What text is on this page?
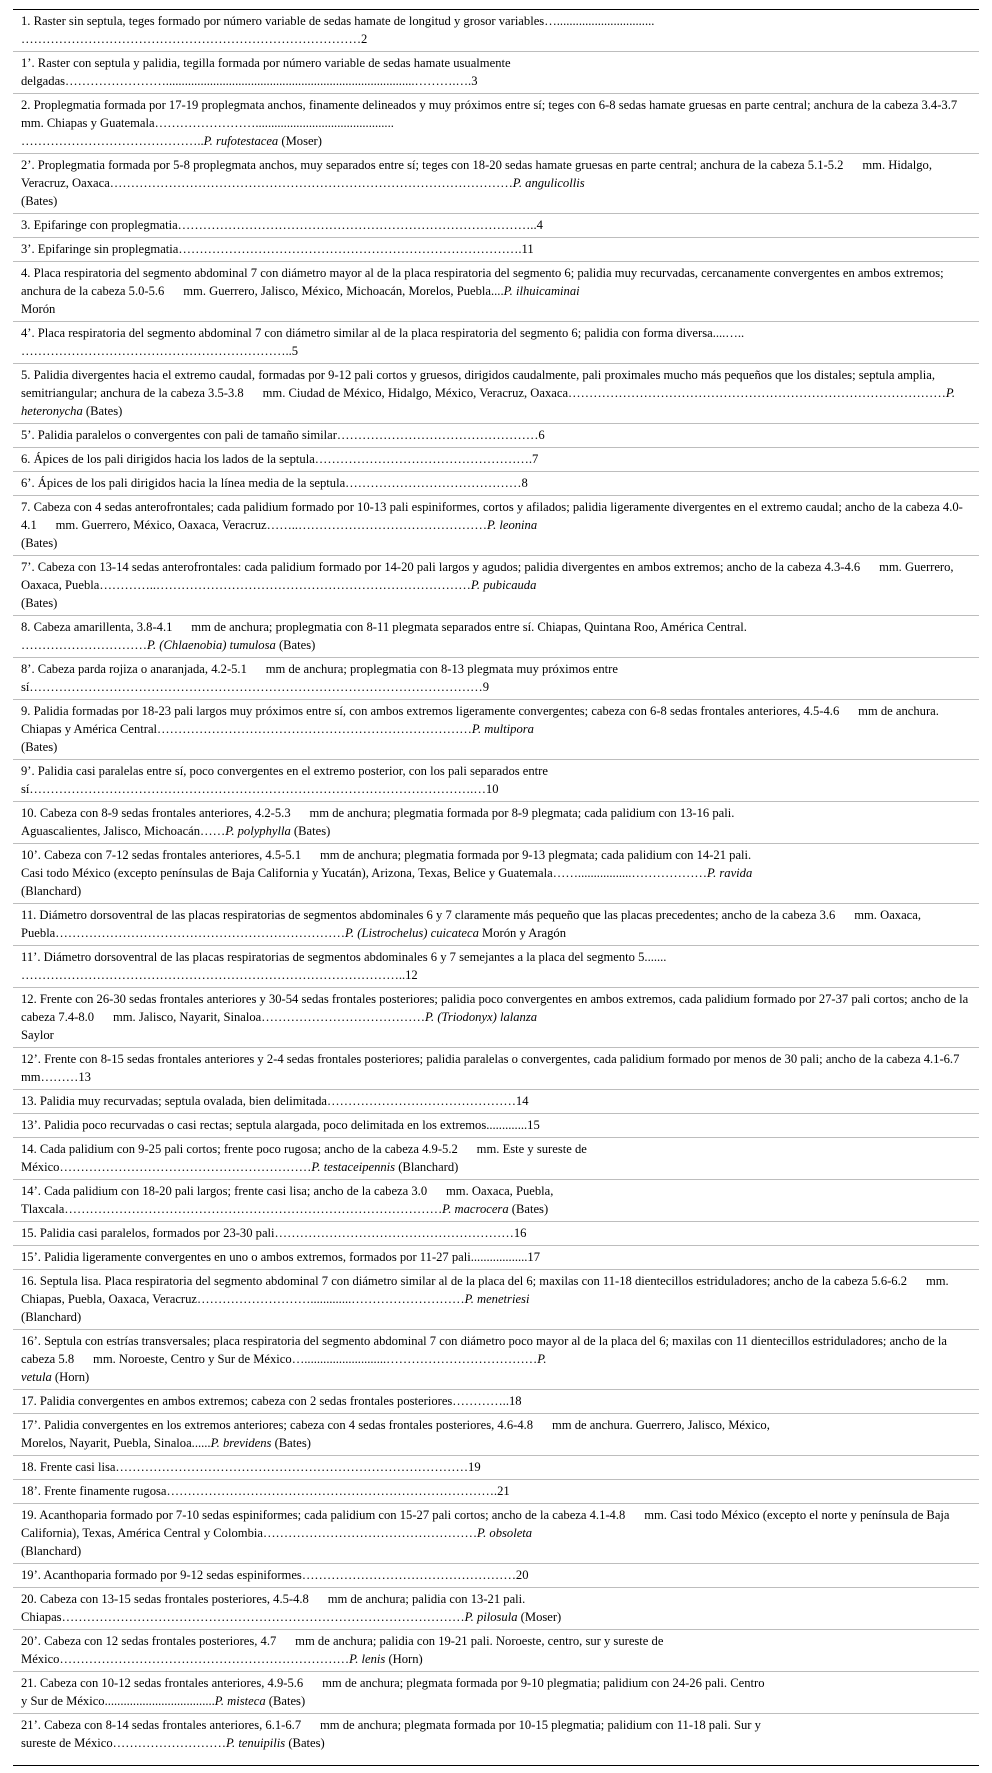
1. Raster sin septula, teges formado por número variable de sedas hamate de longitud y grosor variables…...............................
………………………………………………………………………2
1’. Raster con septula y palidia, tegilla formada por número variable de sedas hamate usualmente
delgadas……………………...............................................................................……….….3
2. Proplegmatia formada por 17-19 proplegmata anchos, finamente delineados y muy próximos entre sí; teges con 6-8 sedas hamate gruesas en parte central; anchura de la cabeza 3.4-3.7      mm. Chiapas y Guatemala……………………............................................
……………………………………..P. rufotestacea (Moser)
2’. Proplegmatia formada por 5-8 proplegmata anchos, muy separados entre sí; teges con 18-20 sedas hamate gruesas en parte central; anchura de la cabeza 5.1-5.2      mm. Hidalgo, Veracruz, Oaxaca……………………………………………………………………………………P. angulicollis
(Bates)
3. Epifaringe con proplegmatia…………………………………………………………………………..4
3’. Epifaringe sin proplegmatia……………………………………………………………………….11
4. Placa respiratoria del segmento abdominal 7 con diámetro mayor al de la placa respiratoria del segmento 6; palidia muy recurvadas, cercanamente convergentes en ambos extremos; anchura de la cabeza 5.0-5.6      mm. Guerrero, Jalisco, México, Michoacán, Morelos, Puebla....P. ilhuicaminai
Morón
4’. Placa respiratoria del segmento abdominal 7 con diámetro similar al de la placa respiratoria del segmento 6; palidia con forma diversa....…..
………………………………………………………..5
5. Palidia divergentes hacia el extremo caudal, formadas por 9-12 pali cortos y gruesos, dirigidos caudalmente, pali proximales mucho más pequeños que los distales; septula amplia, semitriangular; anchura de la cabeza 3.5-3.8      mm. Ciudad de México, Hidalgo, México, Veracruz, Oaxaca………………………………………………………………………………P. heteronycha (Bates)
5’. Palidia paralelos o convergentes con pali de tamaño similar…………………………………………6
6. Ápices de los pali dirigidos hacia los lados de la septula…………………………………………….7
6’. Ápices de los pali dirigidos hacia la línea media de la septula……………………………………8
7. Cabeza con 4 sedas anterofrontales; cada palidium formado por 10-13 pali espiniformes, cortos y afilados; palidia ligeramente divergentes en el extremo caudal; ancho de la cabeza 4.0-4.1      mm. Guerrero, México, Oaxaca, Veracruz……..………………………………………P. leonina
(Bates)
7’. Cabeza con 13-14 sedas anterofrontales: cada palidium formado por 14-20 pali largos y agudos; palidia divergentes en ambos extremos; ancho de la cabeza 4.3-4.6      mm. Guerrero, Oaxaca, Puebla…………..…………………………………………………………………P. pubicauda
(Bates)
8. Cabeza amarillenta, 3.8-4.1      mm de anchura; proplegmatia con 8-11 plegmata separados entre sí. Chiapas, Quintana Roo, América Central.
…………………………P. (Chlaenobia) tumulosa (Bates)
8’. Cabeza parda rojiza o anaranjada, 4.2-5.1      mm de anchura; proplegmatia con 8-13 plegmata muy próximos entre
sí………………………………………………………………………………………………9
9. Palidia formadas por 18-23 pali largos muy próximos entre sí, con ambos extremos ligeramente convergentes; cabeza con 6-8 sedas frontales anteriores, 4.5-4.6      mm de anchura. Chiapas y América Central…………………………………………………………………P. multipora
(Bates)
9’. Palidia casi paralelas entre sí, poco convergentes en el extremo posterior, con los pali separados entre
sí…………………………………………………………………………………………….…10
10. Cabeza con 8-9 sedas frontales anteriores, 4.2-5.3      mm de anchura; plegmatia formada por 8-9 plegmata; cada palidium con 13-16 pali.
Aguascalientes, Jalisco, Michoacán……P. polyphylla (Bates)
10’. Cabeza con 7-12 sedas frontales anteriores, 4.5-5.1      mm de anchura; plegmatia formada por 9-13 plegmata; cada palidium con 14-21 pali.
Casi todo México (excepto penínsulas de Baja California y Yucatán), Arizona, Texas, Belice y Guatemala…….................………………P. ravida
(Blanchard)
11. Diámetro dorsoventral de las placas respiratorias de segmentos abdominales 6 y 7 claramente más pequeño que las placas precedentes; ancho de la cabeza 3.6      mm. Oaxaca, Puebla……………………………………………………………P. (Listrochelus) cuicateca Morón y Aragón
11’. Diámetro dorsoventral de las placas respiratorias de segmentos abdominales 6 y 7 semejantes a la placa del segmento 5.......
………………………………………………………………………………..12
12. Frente con 26-30 sedas frontales anteriores y 30-54 sedas frontales posteriores; palidia poco convergentes en ambos extremos, cada palidium formado por 27-37 pali cortos; ancho de la cabeza 7.4-8.0      mm. Jalisco, Nayarit, Sinaloa…………………………………P. (Triodonyx) lalanza
Saylor
12’. Frente con 8-15 sedas frontales anteriores y 2-4 sedas frontales posteriores; palidia paralelas o convergentes, cada palidium formado por menos de 30 pali; ancho de la cabeza 4.1-6.7 mm………13
13. Palidia muy recurvadas; septula ovalada, bien delimitada………………………………………14
13’. Palidia poco recurvadas o casi rectas; septula alargada, poco delimitada en los extremos.............15
14. Cada palidium con 9-25 pali cortos; frente poco rugosa; ancho de la cabeza 4.9-5.2      mm. Este y sureste de
México……………………………………………………P. testaceipennis (Blanchard)
14’. Cada palidium con 18-20 pali largos; frente casi lisa; ancho de la cabeza 3.0      mm. Oaxaca, Puebla,
Tlaxcala………………………………………………………………………………P. macrocera (Bates)
15. Palidia casi paralelos, formados por 23-30 pali…………………………………………………16
15’. Palidia ligeramente convergentes en uno o ambos extremos, formados por 11-27 pali..................17
16. Septula lisa. Placa respiratoria del segmento abdominal 7 con diámetro similar al de la placa del 6; maxilas con 11-18 dientecillos estriduladores; ancho de la cabeza 5.6-6.2      mm. Chiapas, Puebla, Oaxaca, Veracruz……………………….............………………………P. menetriesi
(Blanchard)
16’. Septula con estrías transversales; placa respiratoria del segmento abdominal 7 con diámetro poco mayor al de la placa del 6; maxilas con 11 dientecillos estriduladores; ancho de la cabeza 5.8      mm. Noroeste, Centro y Sur de México…..........................………………………………P.
vetula (Horn)
17. Palidia convergentes en ambos extremos; cabeza con 2 sedas frontales posteriores…………..18
17’. Palidia convergentes en los extremos anteriores; cabeza con 4 sedas frontales posteriores, 4.6-4.8      mm de anchura. Guerrero, Jalisco, México,
Morelos, Nayarit, Puebla, Sinaloa......P. brevidens (Bates)
18. Frente casi lisa…………………………………………………………………………19
18’. Frente finamente rugosa…………………………………………………………………….21
19. Acanthoparia formado por 7-10 sedas espiniformes; cada palidium con 15-27 pali cortos; ancho de la cabeza 4.1-4.8      mm. Casi todo México (excepto el norte y península de Baja California), Texas, América Central y Colombia……………………………………………P. obsoleta
(Blanchard)
19’. Acanthoparia formado por 9-12 sedas espiniformes……………………………………………20
20. Cabeza con 13-15 sedas frontales posteriores, 4.5-4.8      mm de anchura; palidia con 13-21 pali.
Chiapas……………………………………………………………………………………P. pilosula (Moser)
20’. Cabeza con 12 sedas frontales posteriores, 4.7      mm de anchura; palidia con 19-21 pali. Noroeste, centro, sur y sureste de
México……………………………………………………………P. lenis (Horn)
21. Cabeza con 10-12 sedas frontales anteriores, 4.9-5.6      mm de anchura; plegmata formada por 9-10 plegmatia; palidium con 24-26 pali. Centro
y Sur de México...................................P. misteca (Bates)
21’. Cabeza con 8-14 sedas frontales anteriores, 6.1-6.7      mm de anchura; plegmata formada por 10-15 plegmatia; palidium con 11-18 pali. Sur y
sureste de México………………………P. tenuipilis (Bates)
